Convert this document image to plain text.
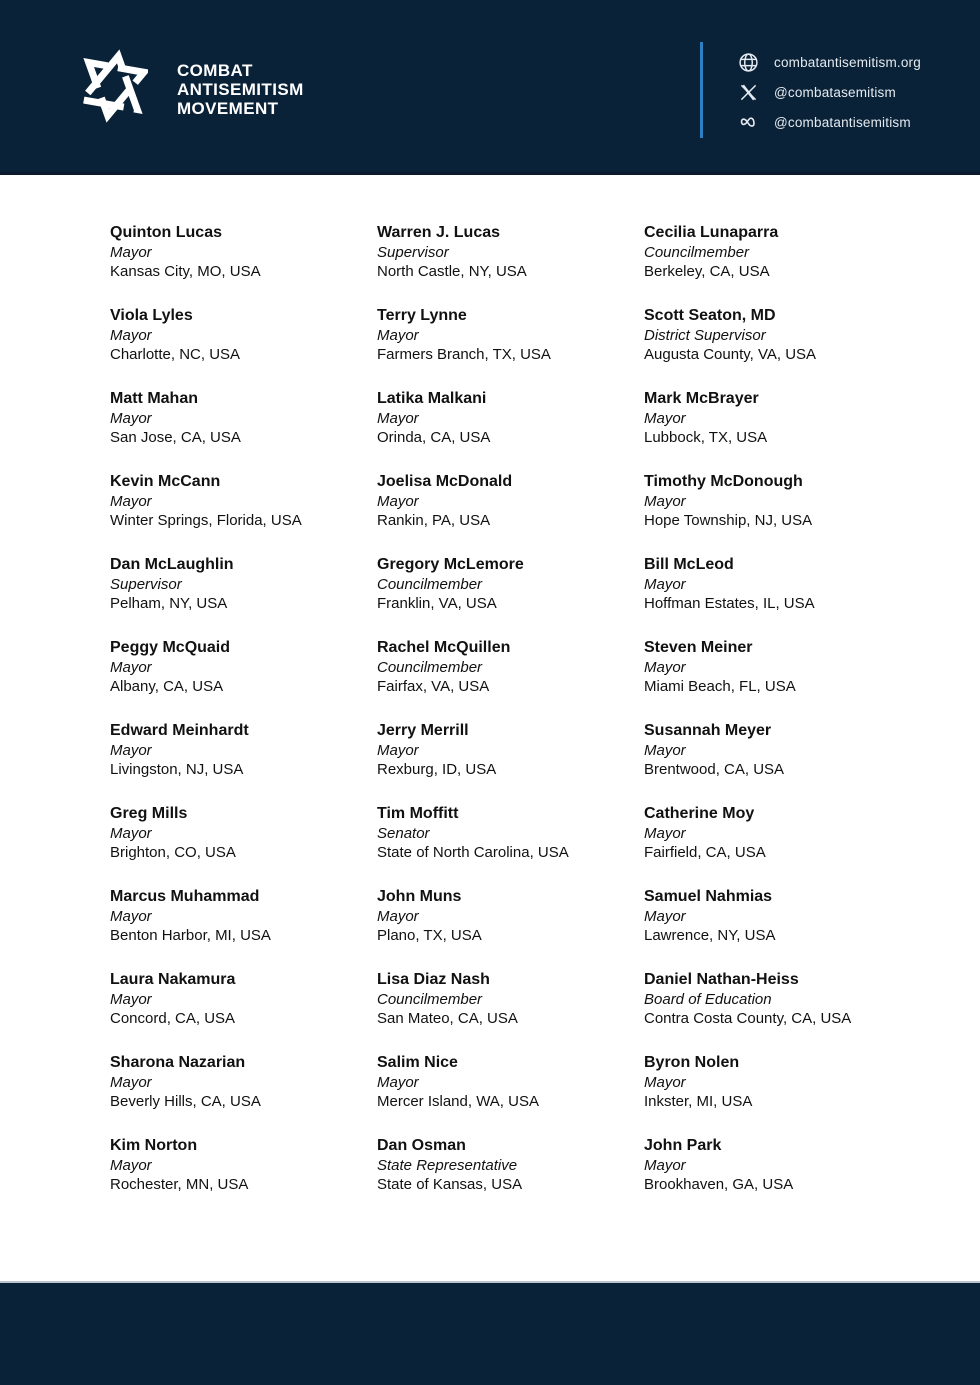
COMBAT
ANTISEMITISM
MOVEMENT
combatantisemitism.org
@combatasemitism
@combatantisemitism
Quinton Lucas
Mayor
Kansas City, MO, USA
Warren J. Lucas
Supervisor
North Castle, NY, USA
Cecilia Lunaparra
Councilmember
Berkeley, CA, USA
Viola Lyles
Mayor
Charlotte, NC, USA
Terry Lynne
Mayor
Farmers Branch, TX, USA
Scott Seaton, MD
District Supervisor
Augusta County, VA, USA
Matt Mahan
Mayor
San Jose, CA, USA
Latika Malkani
Mayor
Orinda, CA, USA
Mark McBrayer
Mayor
Lubbock, TX, USA
Kevin McCann
Mayor
Winter Springs, Florida, USA
Joelisa McDonald
Mayor
Rankin, PA, USA
Timothy McDonough
Mayor
Hope Township, NJ, USA
Dan McLaughlin
Supervisor
Pelham, NY, USA
Gregory McLemore
Councilmember
Franklin, VA, USA
Bill McLeod
Mayor
Hoffman Estates, IL, USA
Peggy McQuaid
Mayor
Albany, CA, USA
Rachel McQuillen
Councilmember
Fairfax, VA, USA
Steven Meiner
Mayor
Miami Beach, FL, USA
Edward Meinhardt
Mayor
Livingston, NJ, USA
Jerry Merrill
Mayor
Rexburg, ID, USA
Susannah Meyer
Mayor
Brentwood, CA, USA
Greg Mills
Mayor
Brighton, CO, USA
Tim Moffitt
Senator
State of North Carolina, USA
Catherine Moy
Mayor
Fairfield, CA, USA
Marcus Muhammad
Mayor
Benton Harbor, MI, USA
John Muns
Mayor
Plano, TX, USA
Samuel Nahmias
Mayor
Lawrence, NY, USA
Laura Nakamura
Mayor
Concord, CA, USA
Lisa Diaz Nash
Councilmember
San Mateo, CA, USA
Daniel Nathan-Heiss
Board of Education
Contra Costa County, CA, USA
Sharona Nazarian
Mayor
Beverly Hills, CA, USA
Salim Nice
Mayor
Mercer Island, WA, USA
Byron Nolen
Mayor
Inkster, MI, USA
Kim Norton
Mayor
Rochester, MN, USA
Dan Osman
State Representative
State of Kansas, USA
John Park
Mayor
Brookhaven, GA, USA
